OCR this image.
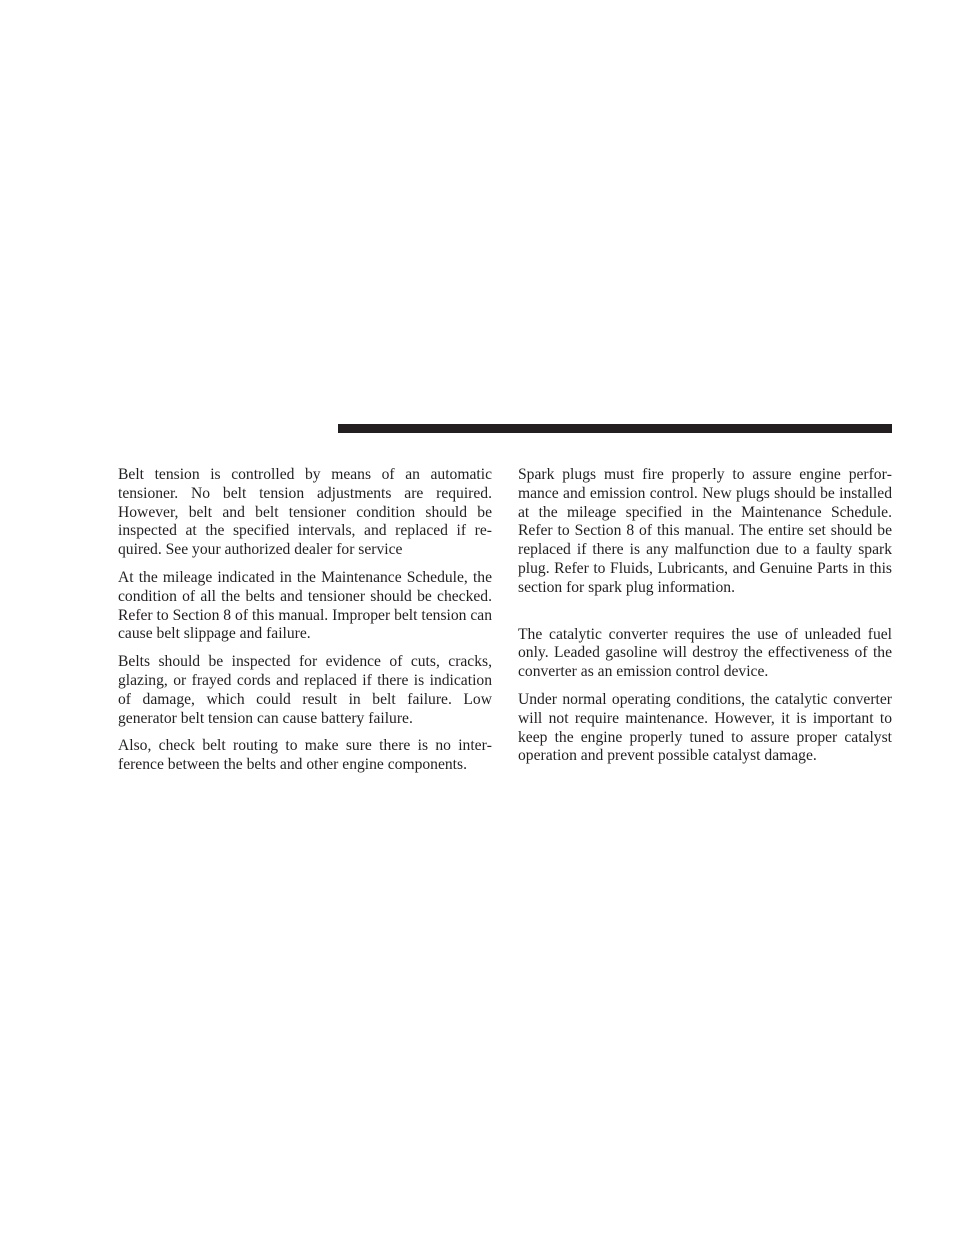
Belt tension is controlled by means of an automatic tensioner. No belt tension adjustments are required. However, belt and belt tensioner condition should be inspected at the specified intervals, and replaced if required. See your authorized dealer for service

At the mileage indicated in the Maintenance Schedule, the condition of all the belts and tensioner should be checked. Refer to Section 8 of this manual. Improper belt tension can cause belt slippage and failure.

Belts should be inspected for evidence of cuts, cracks, glazing, or frayed cords and replaced if there is indication of damage, which could result in belt failure. Low generator belt tension can cause battery failure.

Also, check belt routing to make sure there is no interference between the belts and other engine components.

Spark plugs must fire properly to assure engine performance and emission control. New plugs should be installed at the mileage specified in the Maintenance Schedule. Refer to Section 8 of this manual. The entire set should be replaced if there is any malfunction due to a faulty spark plug. Refer to Fluids, Lubricants, and Genuine Parts in this section for spark plug information.

The catalytic converter requires the use of unleaded fuel only. Leaded gasoline will destroy the effectiveness of the converter as an emission control device.

Under normal operating conditions, the catalytic converter will not require maintenance. However, it is important to keep the engine properly tuned to assure proper catalyst operation and prevent possible catalyst damage.
